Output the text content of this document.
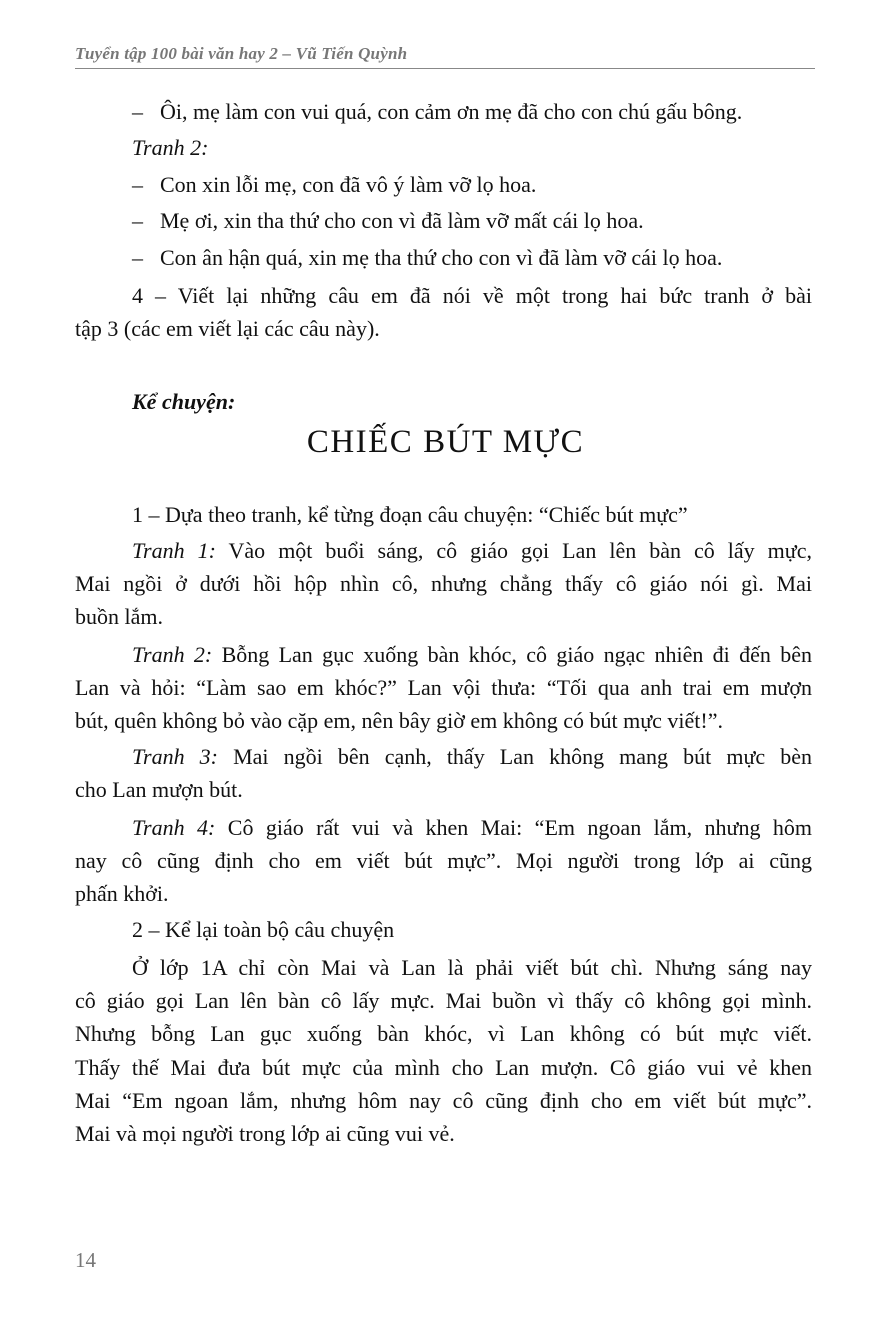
Tuyển tập 100 bài văn hay 2 – Vũ Tiến Quỳnh
Kể chuyện:
CHIẾC BÚT MỰC
– Ôi, mẹ làm con vui quá, con cảm ơn mẹ đã cho con chú gấu bông.
Tranh 2:
– Con xin lỗi mẹ, con đã vô ý làm vỡ lọ hoa.
– Mẹ ơi, xin tha thứ cho con vì đã làm vỡ mất cái lọ hoa.
– Con ân hận quá, xin mẹ tha thứ cho con vì đã làm vỡ cái lọ hoa.
4 – Viết lại những câu em đã nói về một trong hai bức tranh ở bài
tập 3 (các em viết lại các câu này).
1 – Dựa theo tranh, kể từng đoạn câu chuyện: “Chiếc bút mực”
Tranh 1: Vào một buổi sáng, cô giáo gọi Lan lên bàn cô lấy mực,
Mai ngồi ở dưới hồi hộp nhìn cô, nhưng chẳng thấy cô giáo nói gì. Mai
buồn lắm.
Tranh 2: Bỗng Lan gục xuống bàn khóc, cô giáo ngạc nhiên đi đến bên
Lan và hỏi: “Làm sao em khóc?” Lan vội thưa: “Tối qua anh trai em mượn
bút, quên không bỏ vào cặp em, nên bây giờ em không có bút mực viết!”.
Tranh 3: Mai ngồi bên cạnh, thấy Lan không mang bút mực bèn
cho Lan mượn bút.
Tranh 4: Cô giáo rất vui và khen Mai: “Em ngoan lắm, nhưng hôm
nay cô cũng định cho em viết bút mực”. Mọi người trong lớp ai cũng
phấn khởi.
2 – Kể lại toàn bộ câu chuyện
Ở lớp 1A chỉ còn Mai và Lan là phải viết bút chì. Nhưng sáng nay
cô giáo gọi Lan lên bàn cô lấy mực. Mai buồn vì thấy cô không gọi mình.
Nhưng bỗng Lan gục xuống bàn khóc, vì Lan không có bút mực viết.
Thấy thế Mai đưa bút mực của mình cho Lan mượn. Cô giáo vui vẻ khen
Mai “Em ngoan lắm, nhưng hôm nay cô cũng định cho em viết bút mực”.
Mai và mọi người trong lớp ai cũng vui vẻ.
14
